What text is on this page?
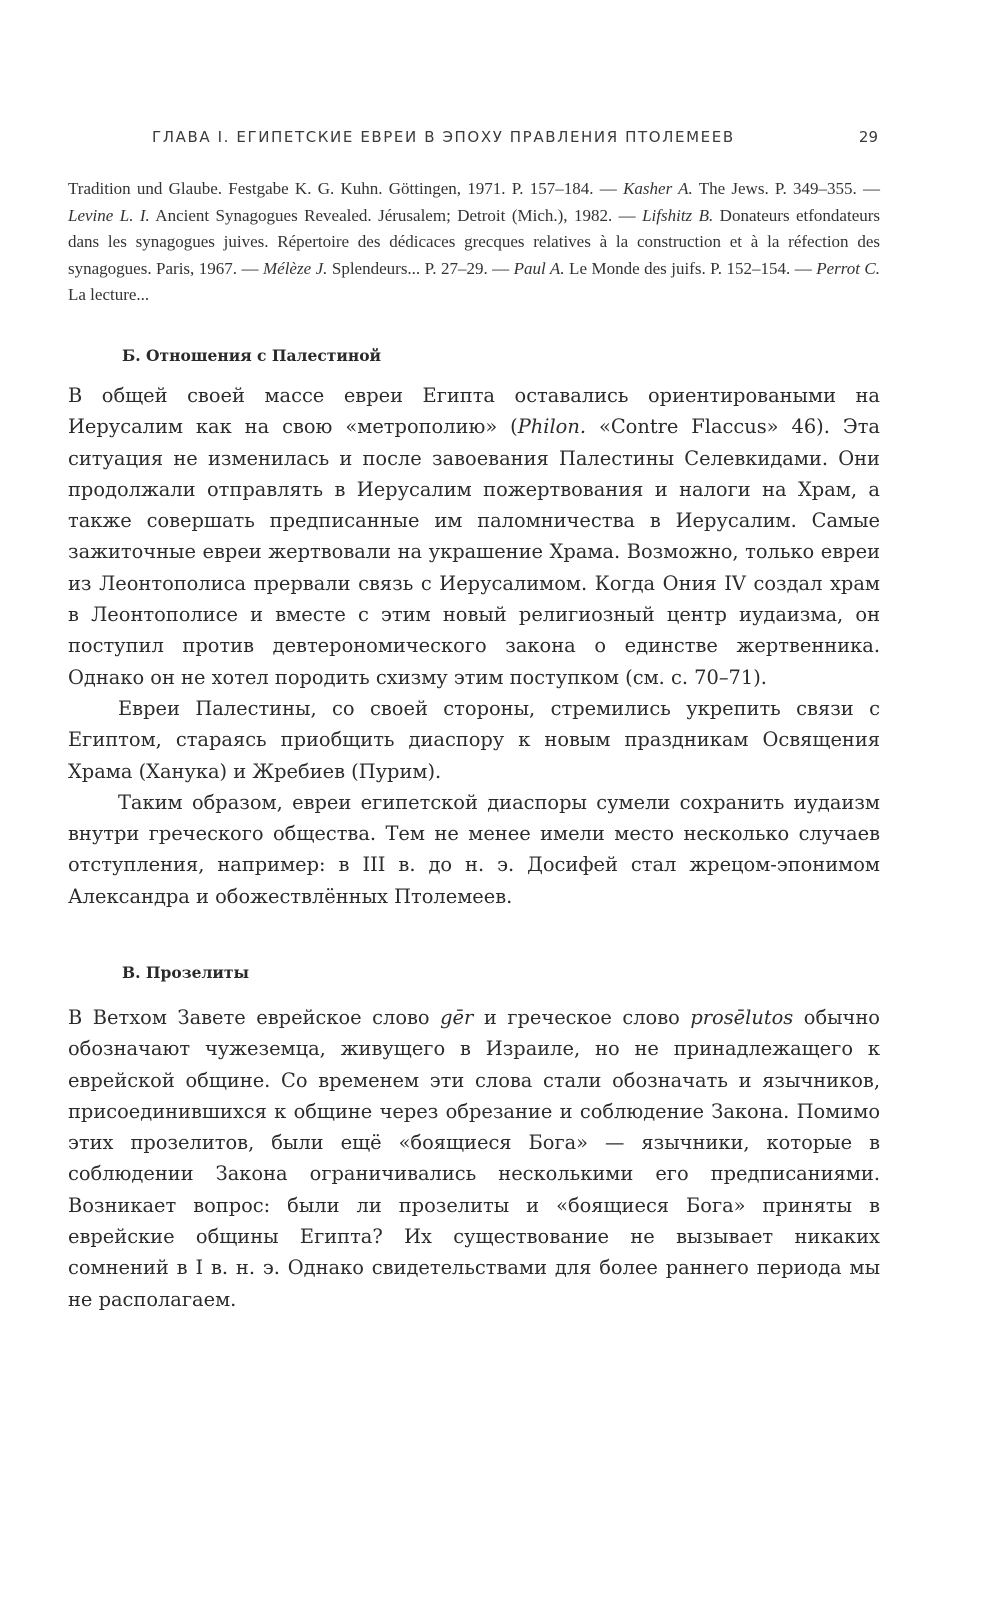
ГЛАВА I. ЕГИПЕТСКИЕ ЕВРЕИ В ЭПОХУ ПРАВЛЕНИЯ ПТОЛЕМЕЕВ	29

Tradition und Glaube. Festgabe K. G. Kuhn. Göttingen, 1971. P. 157–184. — Kasher A. The Jews. P. 349–355. — Levine L. I. Ancient Synagogues Revealed. Jérusalem; Detroit (Mich.), 1982. — Lifshitz B. Donateurs etfondateurs dans les synagogues juives. Répertoire des dédicaces grecques relatives à la construction et à la réfection des synagogues. Paris, 1967. — Mélèze J. Splendeurs... P. 27–29. — Paul A. Le Monde des juifs. P. 152–154. — Perrot C. La lecture...

Б. Отношения с Палестиной

В общей своей массе евреи Египта оставались ориентироваными на Иерусалим как на свою «метрополию» (Philon. «Contre Flaccus» 46). Эта ситуация не изменилась и после завоевания Палестины Селевкидами. Они продолжали отправлять в Иерусалим пожертвования и налоги на Храм, а также совершать предписанные им паломничества в Иерусалим. Самые зажиточные евреи жертвовали на украшение Храма. Возможно, только евреи из Леонтополиса прервали связь с Иерусалимом. Когда Ония IV создал храм в Леонтополисе и вместе с этим новый религиозный центр иудаизма, он поступил против девтерономического закона о единстве жертвенника. Однако он не хотел породить схизму этим поступком (см. с. 70–71).

Евреи Палестины, со своей стороны, стремились укрепить связи с Египтом, стараясь приобщить диаспору к новым праздникам Освящения Храма (Ханука) и Жребиев (Пурим).

Таким образом, евреи египетской диаспоры сумели сохранить иудаизм внутри греческого общества. Тем не менее имели место несколько случаев отступления, например: в III в. до н. э. Досифей стал жрецом-эпонимом Александра и обожествлённых Птолемеев.

В. Прозелиты

В Ветхом Завете еврейское слово gēr и греческое слово prosēlutos обычно обозначают чужеземца, живущего в Израиле, но не принадлежащего к еврейской общине. Со временем эти слова стали обозначать и язычников, присоединившихся к общине через обрезание и соблюдение Закона. Помимо этих прозелитов, были ещё «боящиеся Бога» — язычники, которые в соблюдении Закона ограничивались несколькими его предписаниями. Возникает вопрос: были ли прозелиты и «боящиеся Бога» приняты в еврейские общины Египта? Их существование не вызывает никаких сомнений в I в. н. э. Однако свидетельствами для более раннего периода мы не располагаем.
